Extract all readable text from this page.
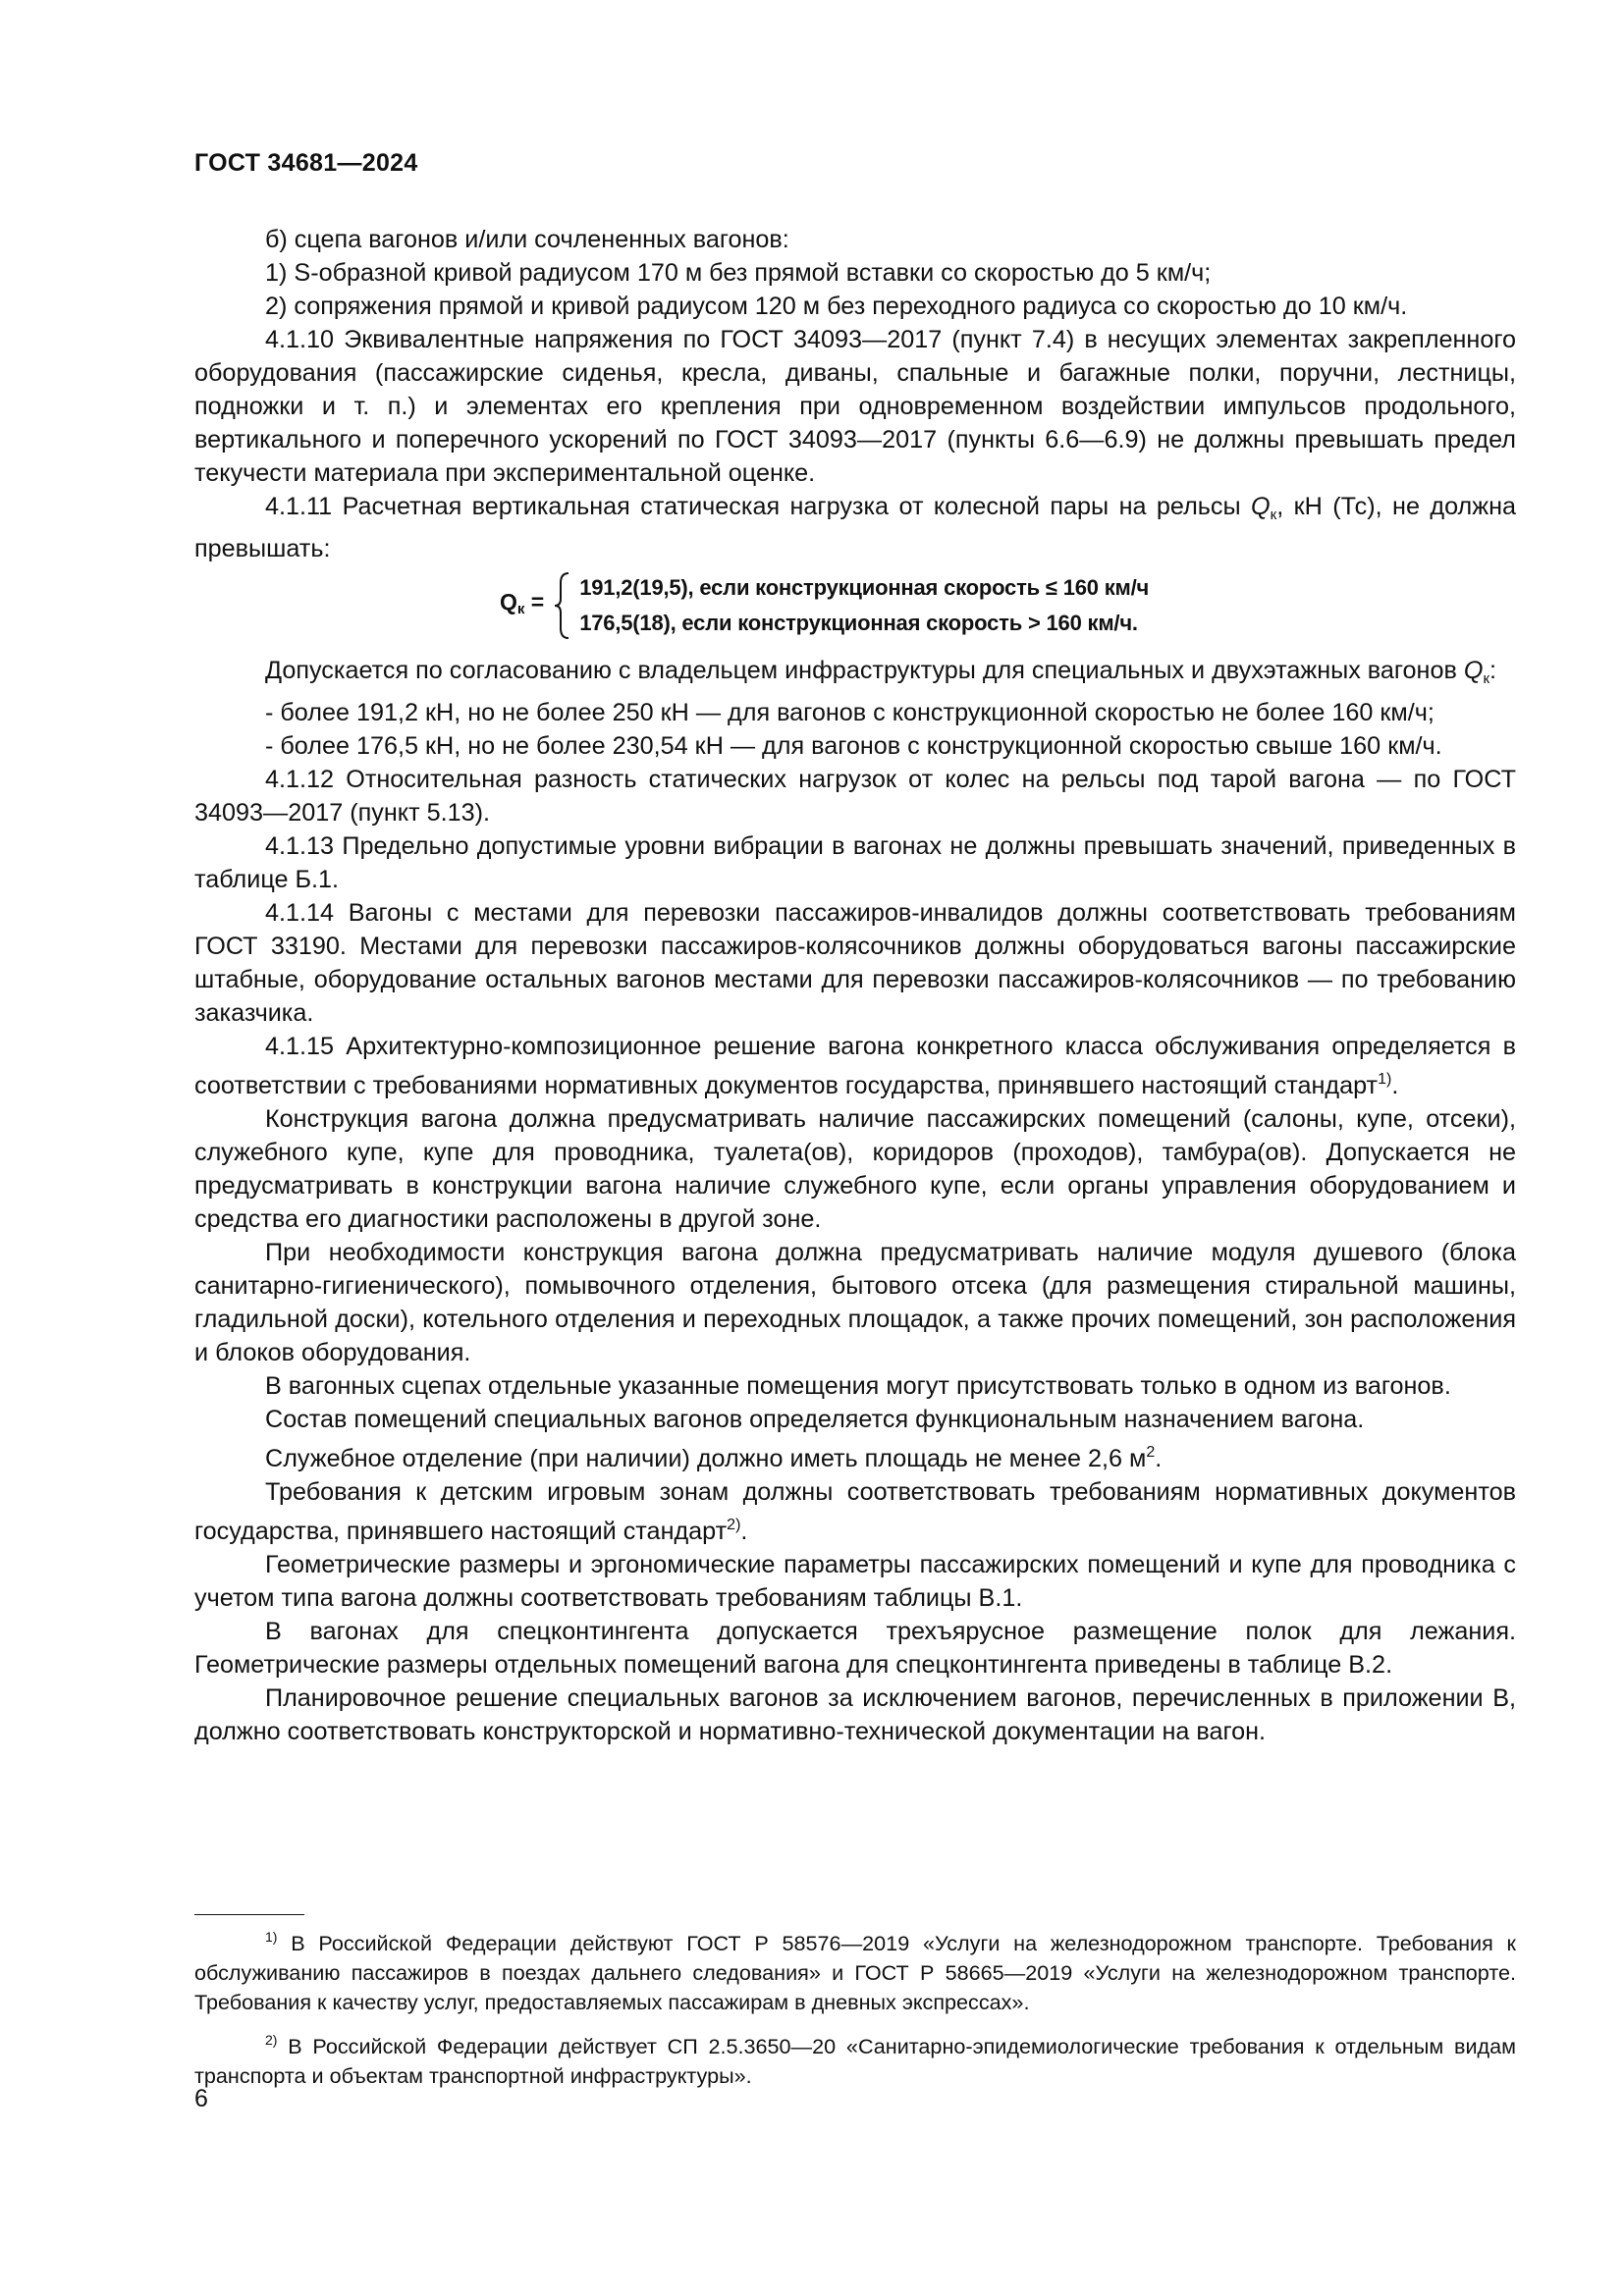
ГОСТ 34681—2024

б) сцепа вагонов и/или сочлененных вагонов:

1) S-образной кривой радиусом 170 м без прямой вставки со скоростью до 5 км/ч;

2) сопряжения прямой и кривой радиусом 120 м без переходного радиуса со скоростью до 10 км/ч.

4.1.10 Эквивалентные напряжения по ГОСТ 34093—2017 (пункт 7.4) в несущих элементах закрепленного оборудования (пассажирские сиденья, кресла, диваны, спальные и багажные полки, поручни, лестницы, подножки и т. п.) и элементах его крепления при одновременном воздействии импульсов продольного, вертикального и поперечного ускорений по ГОСТ 34093—2017 (пункты 6.6—6.9) не должны превышать предел текучести материала при экспериментальной оценке.

4.1.11 Расчетная вертикальная статическая нагрузка от колесной пары на рельсы Qк, кН (Тс), не должна превышать:

$Q_к$ =
191,2(19,5), если конструкционная скорость ≤ 160 км/ч
176,5(18), если конструкционная скорость > 160 км/ч.

Допускается по согласованию с владельцем инфраструктуры для специальных и двухэтажных вагонов Qк:

- более 191,2 кН, но не более 250 кН — для вагонов с конструкционной скоростью не более 160 км/ч;

- более 176,5 кН, но не более 230,54 кН — для вагонов с конструкционной скоростью свыше 160 км/ч.

4.1.12 Относительная разность статических нагрузок от колес на рельсы под тарой вагона — по ГОСТ 34093—2017 (пункт 5.13).

4.1.13 Предельно допустимые уровни вибрации в вагонах не должны превышать значений, приведенных в таблице Б.1.

4.1.14 Вагоны с местами для перевозки пассажиров-инвалидов должны соответствовать требованиям ГОСТ 33190. Местами для перевозки пассажиров-колясочников должны оборудоваться вагоны пассажирские штабные, оборудование остальных вагонов местами для перевозки пассажиров-колясочников — по требованию заказчика.

4.1.15 Архитектурно-композиционное решение вагона конкретного класса обслуживания определяется в соответствии с требованиями нормативных документов государства, принявшего настоящий стандарт$^{1)}$.

Конструкция вагона должна предусматривать наличие пассажирских помещений (салоны, купе, отсеки), служебного купе, купе для проводника, туалета(ов), коридоров (проходов), тамбура(ов). Допускается не предусматривать в конструкции вагона наличие служебного купе, если органы управления оборудованием и средства его диагностики расположены в другой зоне.

При необходимости конструкция вагона должна предусматривать наличие модуля душевого (блока санитарно-гигиенического), помывочного отделения, бытового отсека (для размещения стиральной машины, гладильной доски), котельного отделения и переходных площадок, а также прочих помещений, зон расположения и блоков оборудования.

В вагонных сцепах отдельные указанные помещения могут присутствовать только в одном из вагонов.

Состав помещений специальных вагонов определяется функциональным назначением вагона.

Служебное отделение (при наличии) должно иметь площадь не менее 2,6 $м^2$.

Требования к детским игровым зонам должны соответствовать требованиям нормативных документов государства, принявшего настоящий стандарт$^{2)}$.

Геометрические размеры и эргономические параметры пассажирских помещений и купе для проводника с учетом типа вагона должны соответствовать требованиям таблицы В.1.

В вагонах для спецконтингента допускается трехъярусное размещение полок для лежания. Геометрические размеры отдельных помещений вагона для спецконтингента приведены в таблице В.2.

Планировочное решение специальных вагонов за исключением вагонов, перечисленных в приложении В, должно соответствовать конструкторской и нормативно-технической документации на вагон.

$^{1)}$ В Российской Федерации действуют ГОСТ Р 58576—2019 «Услуги на железнодорожном транспорте. Требования к обслуживанию пассажиров в поездах дальнего следования» и ГОСТ Р 58665—2019 «Услуги на железнодорожном транспорте. Требования к качеству услуг, предоставляемых пассажирам в дневных экспрессах».

$^{2)}$ В Российской Федерации действует СП 2.5.3650—20 «Санитарно-эпидемиологические требования к отдельным видам транспорта и объектам транспортной инфраструктуры».

6
